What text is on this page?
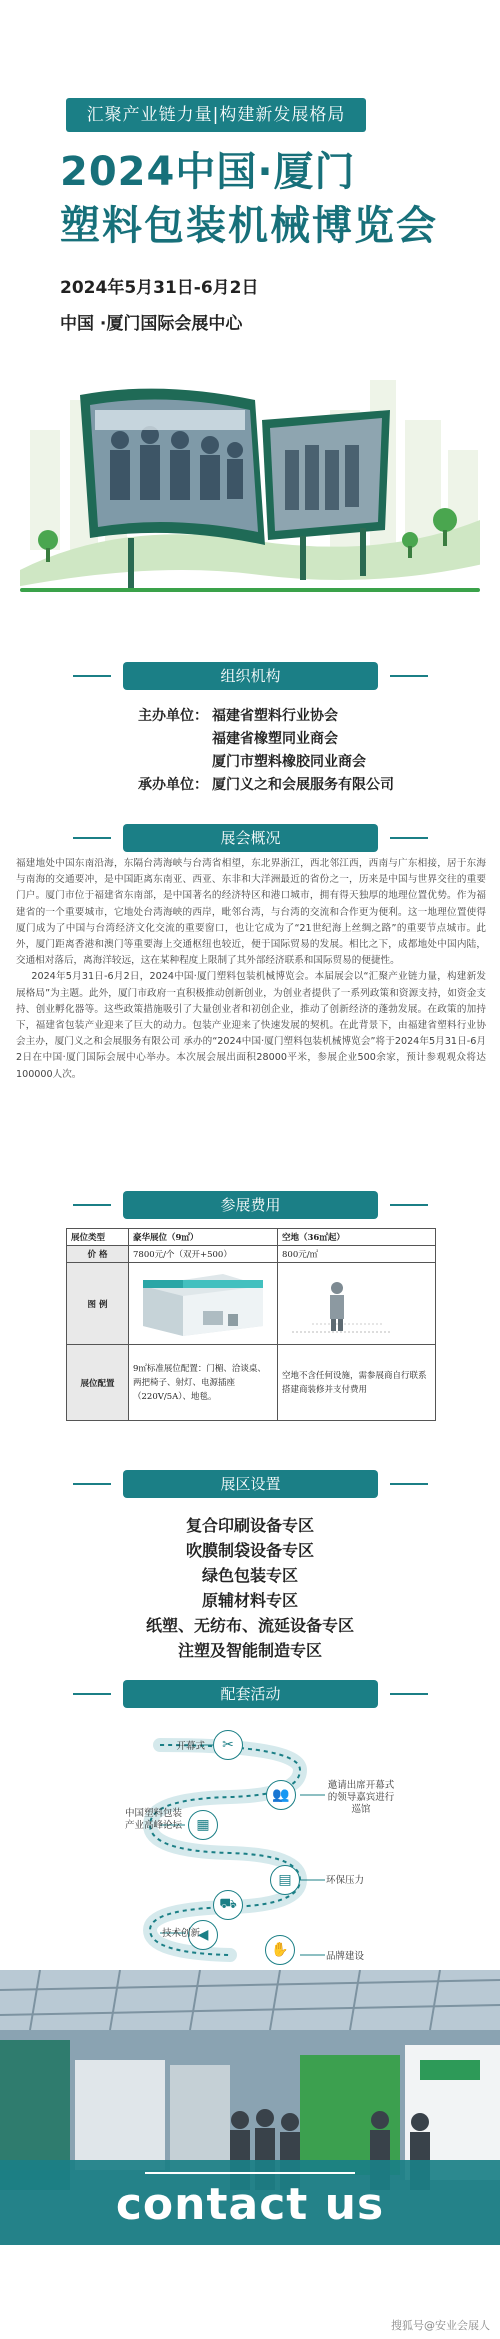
汇聚产业链力量|构建新发展格局
2024中国·厦门
塑料包装机械博览会
2024年5月31日-6月2日
中国 ·厦门国际会展中心
组织机构
主办单位： 福建省塑料行业协会
福建省橡塑同业商会
厦门市塑料橡胶同业商会
承办单位： 厦门义之和会展服务有限公司
展会概况

福建地处中国东南沿海，东隔台湾海峡与台湾省相望，东北界浙江，西北邻江西，西南与广东相接，居于东海与南海的交通要冲，是中国距离东南亚、西亚、东非和大洋洲最近的省份之一，历来是中国与世界交往的重要门户。厦门市位于福建省东南部，是中国著名的经济特区和港口城市，拥有得天独厚的地理位置优势。作为福建省的一个重要城市，它地处台湾海峡的西岸，毗邻台湾，与台湾的交流和合作更为便利。这一地理位置使得厦门成为了中国与台湾经济文化交流的重要窗口，也让它成为了“21世纪海上丝绸之路”的重要节点城市。此外，厦门距离香港和澳门等重要海上交通枢纽也较近，便于国际贸易的发展。相比之下，成都地处中国内陆，交通相对落后，离海洋较远，这在某种程度上限制了其外部经济联系和国际贸易的便捷性。

2024年5月31日-6月2日，2024中国·厦门塑料包装机械博览会。本届展会以“汇聚产业链力量，构建新发展格局”为主题。此外，厦门市政府一直积极推动创新创业，为创业者提供了一系列政策和资源支持，如资金支持、创业孵化器等。这些政策措施吸引了大量创业者和初创企业，推动了创新经济的蓬勃发展。在政策的加持下，福建省包装产业迎来了巨大的动力。包装产业迎来了快速发展的契机。在此背景下，由福建省塑料行业协会主办，厦门义之和会展服务有限公司 承办的“2024中国·厦门塑料包装机械博览会”将于2024年5月31日-6月2日在中国·厦门国际会展中心举办。本次展会展出面积28000平米，参展企业500余家，预计参观观众将达100000人次。

参展费用
展位类型	豪华展位（9㎡）	空地（36㎡起）
价 格	7800元/个（双开+500）	800元/㎡
图 例		
展位配置	9㎡标准展位配置：门楣、洽谈桌、两把椅子、射灯、电源插座（220V/5A）、地毯。	空地不含任何设施，需参展商自行联系搭建商装修并支付费用
展区设置
复合印刷设备专区
吹膜制袋设备专区
绿色包装专区
原辅材料专区
纸塑、无纺布、流延设备专区
注塑及智能制造专区
配套活动
✂
👥
▦
▤
⛟
✋
◀
开幕式
邀请出席开幕式的领导嘉宾进行巡馆
中国塑料包装产业高峰论坛
环保压力
技术创新
品牌建设
contact us
搜狐号@安业会展人
